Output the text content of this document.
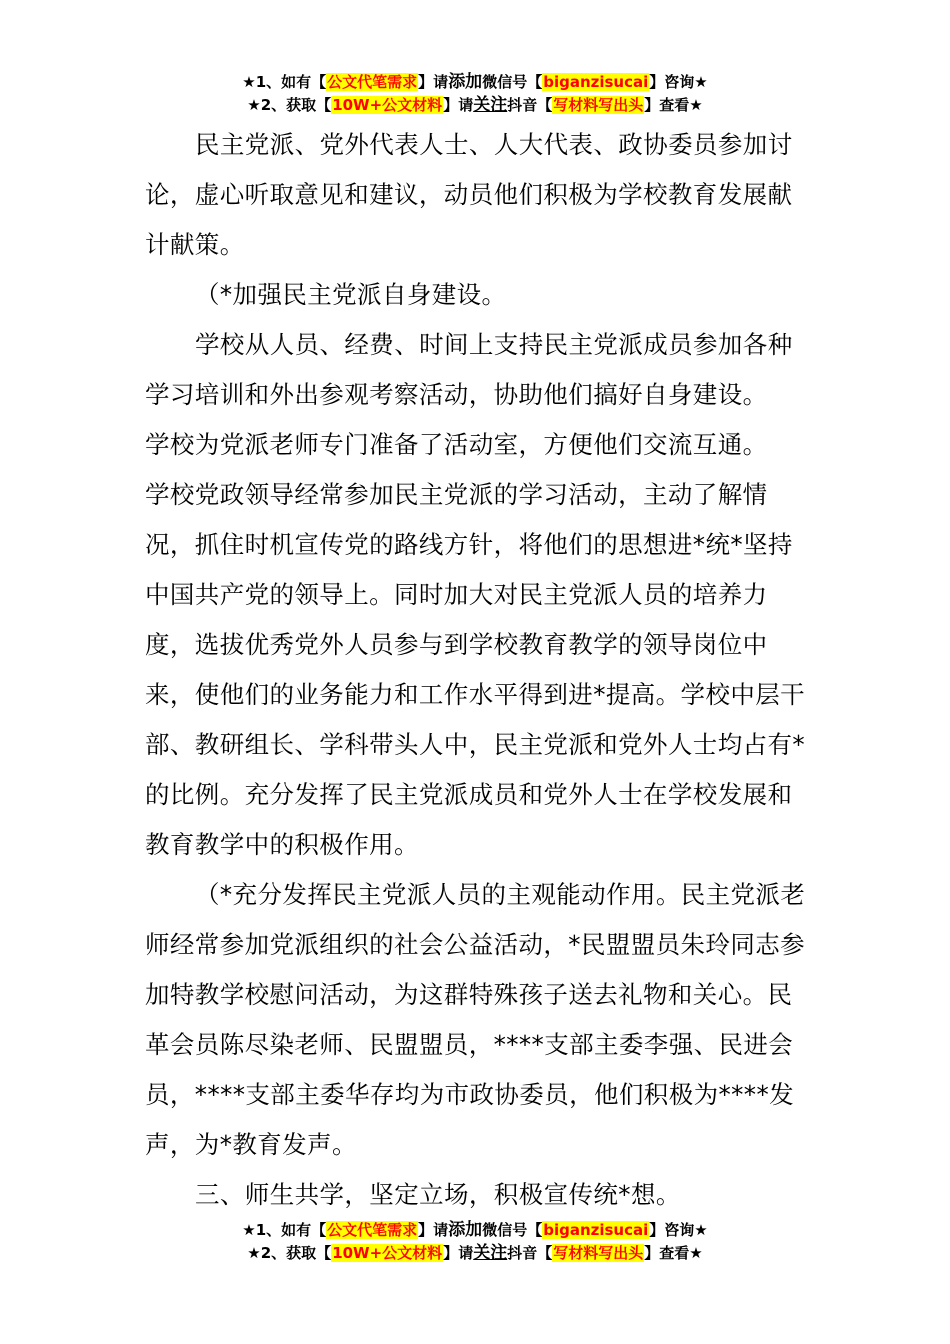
★1、如有【公文代笔需求】请添加微信号【biganzisucai】咨询★
★2、获取【10W+公文材料】请关注抖音【写材料写出头】查看★

民主党派、党外代表人士、人大代表、政协委员参加讨论，虚心听取意见和建议，动员他们积极为学校教育发展献计献策。

（*加强民主党派自身建设。

学校从人员、经费、时间上支持民主党派成员参加各种学习培训和外出参观考察活动，协助他们搞好自身建设。

学校为党派老师专门准备了活动室，方便他们交流互通。

学校党政领导经常参加民主党派的学习活动，主动了解情况，抓住时机宣传党的路线方针，将他们的思想进*统*坚持中国共产党的领导上。同时加大对民主党派人员的培养力度，选拔优秀党外人员参与到学校教育教学的领导岗位中来，使他们的业务能力和工作水平得到进*提高。学校中层干部、教研组长、学科带头人中，民主党派和党外人士均占有*的比例。充分发挥了民主党派成员和党外人士在学校发展和教育教学中的积极作用。

（*充分发挥民主党派人员的主观能动作用。民主党派老师经常参加党派组织的社会公益活动，*民盟盟员朱玲同志参加特教学校慰问活动，为这群特殊孩子送去礼物和关心。民革会员陈尽染老师、民盟盟员，****支部主委李强、民进会员，****支部主委华存均为市政协委员，他们积极为****发声，为*教育发声。

三、师生共学，坚定立场，积极宣传统*想。

★1、如有【公文代笔需求】请添加微信号【biganzisucai】咨询★
★2、获取【10W+公文材料】请关注抖音【写材料写出头】查看★
